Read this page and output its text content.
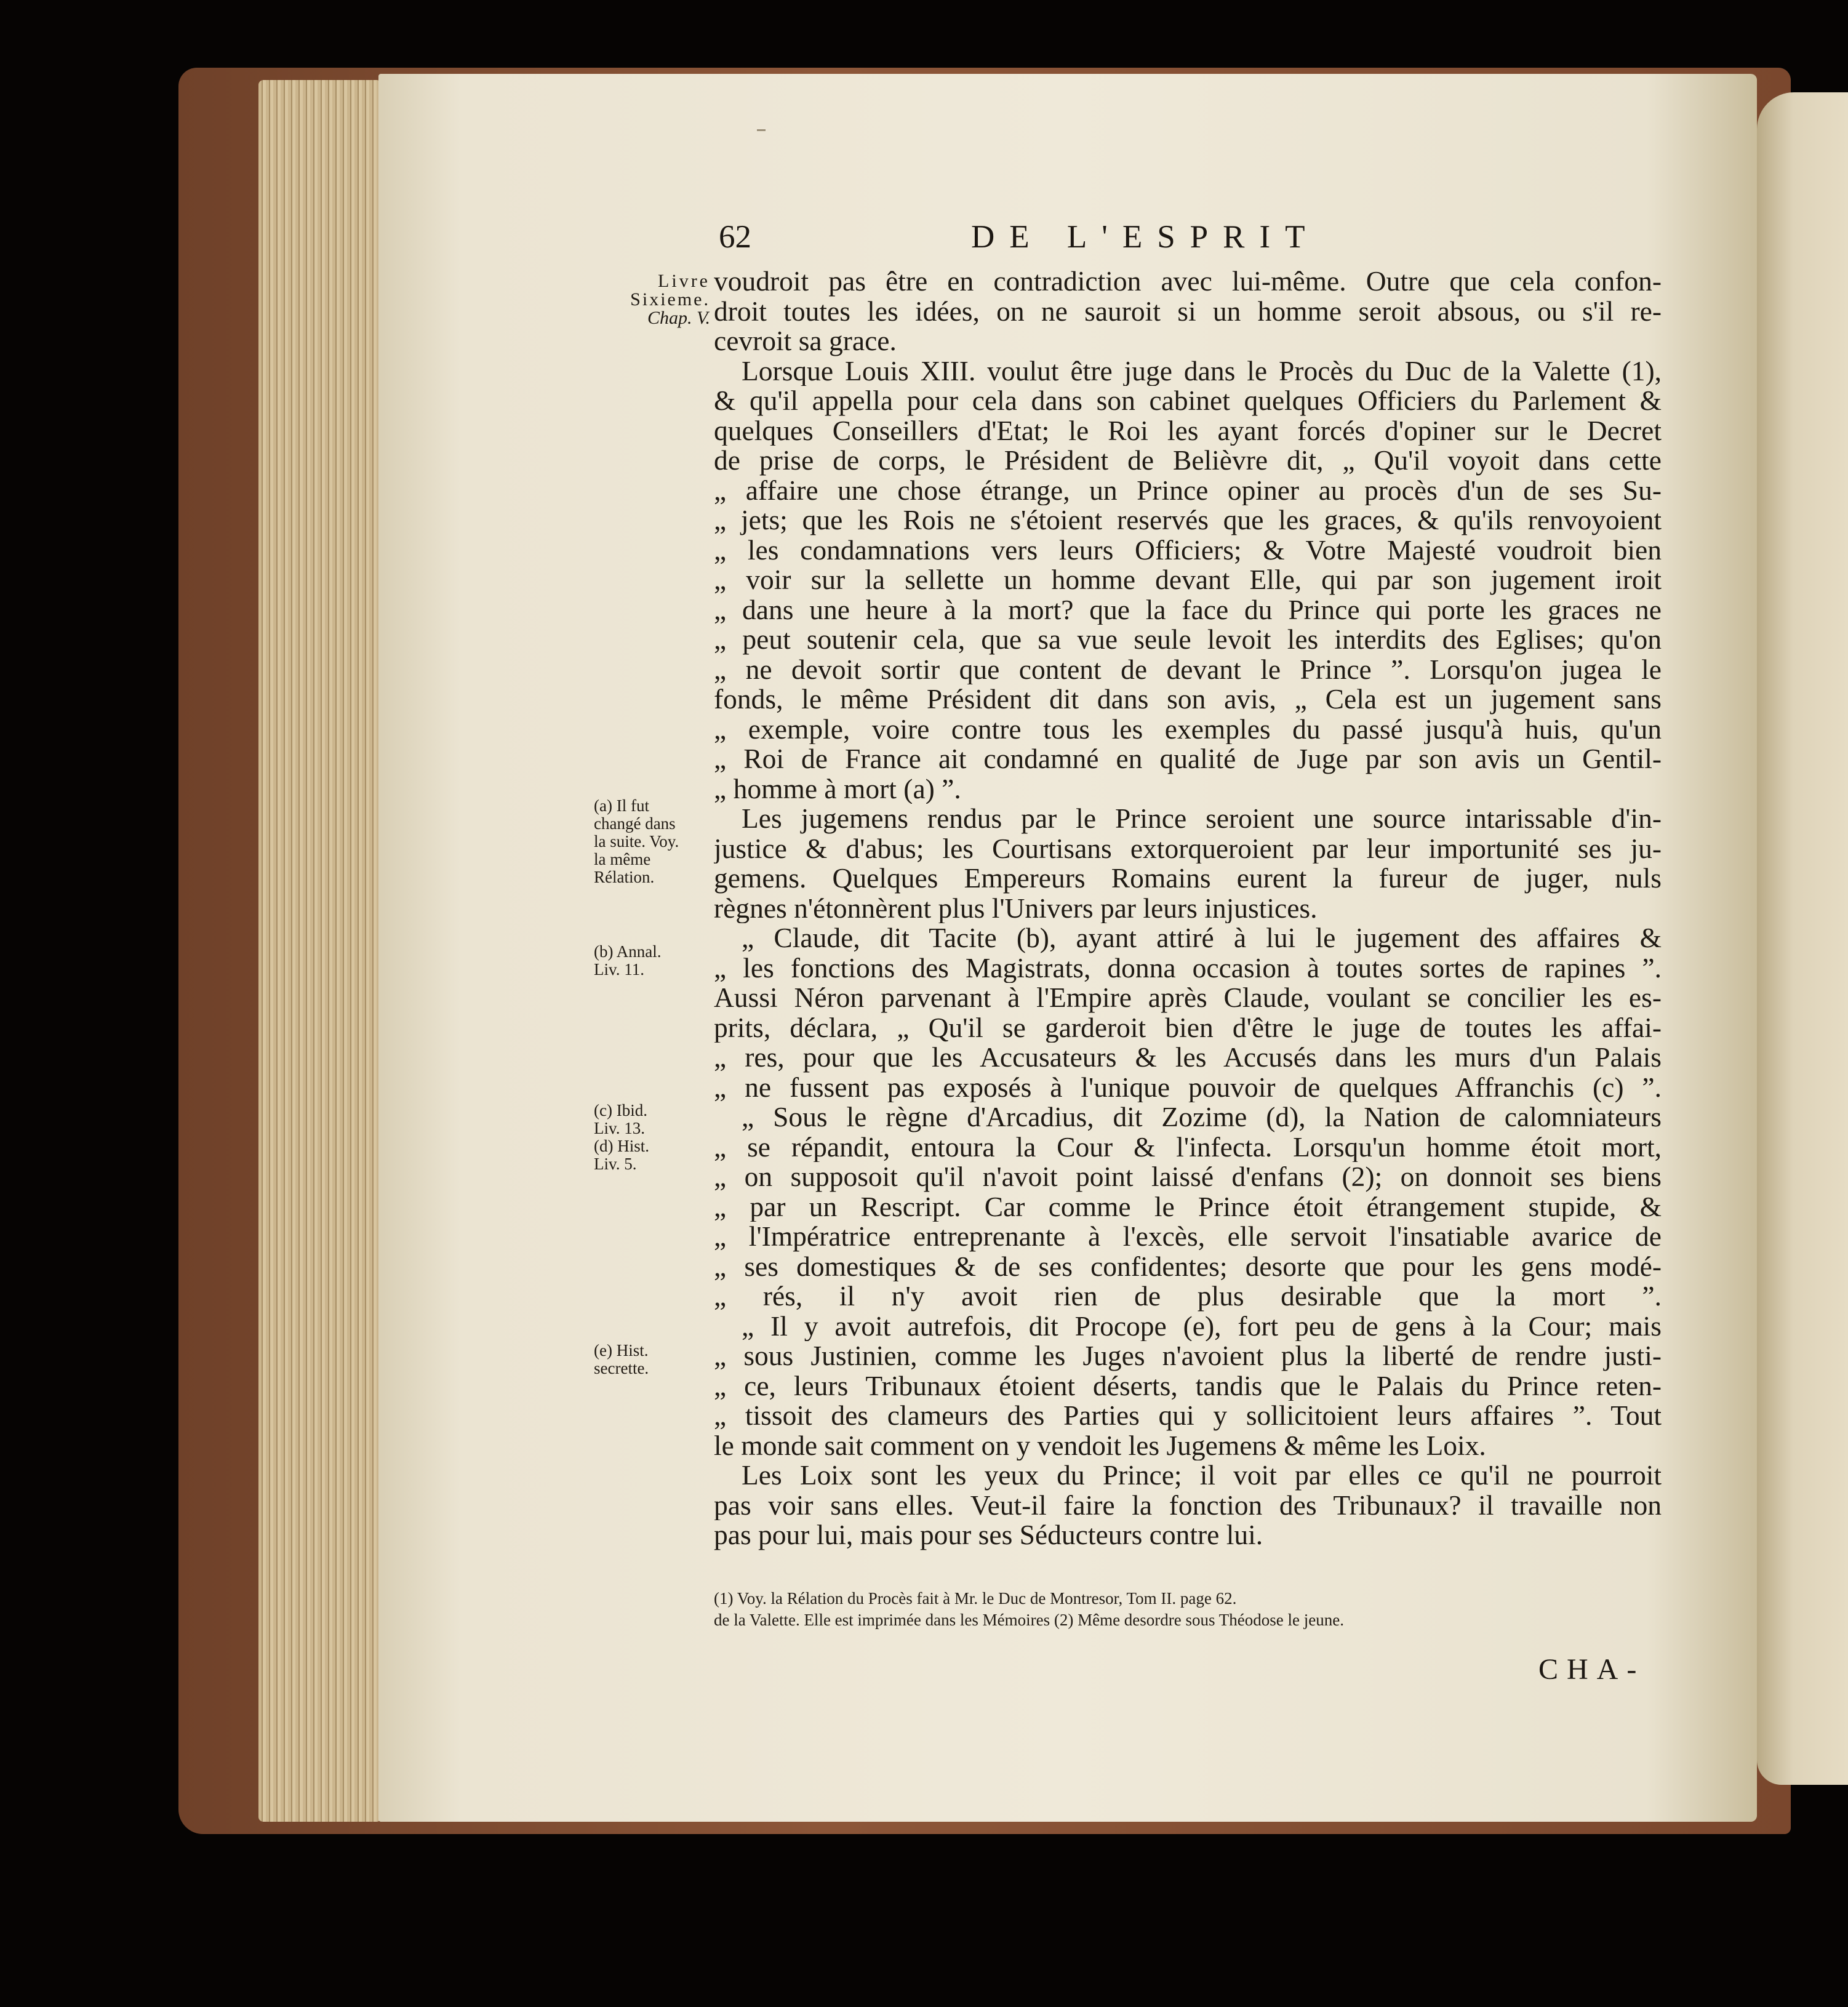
62	DE L'ESPRIT
Livre
Sixieme.
Chap. V.
voudroit pas être en contradiction avec lui-même. Outre que cela confon-
droit toutes les idées, on ne sauroit si un homme seroit absous, ou s'il re-
cevroit sa grace.
Lorsque Louis XIII. voulut être juge dans le Procès du Duc de la Valette (1),
& qu'il appella pour cela dans son cabinet quelques Officiers du Parlement &
quelques Conseillers d'Etat; le Roi les ayant forcés d'opiner sur le Decret
de prise de corps, le Président de Belièvre dit, „ Qu'il voyoit dans cette
„ affaire une chose étrange, un Prince opiner au procès d'un de ses Su-
„ jets; que les Rois ne s'étoient reservés que les graces, & qu'ils renvoyoient
„ les condamnations vers leurs Officiers; & Votre Majesté voudroit bien
„ voir sur la sellette un homme devant Elle, qui par son jugement iroit
„ dans une heure à la mort? que la face du Prince qui porte les graces ne
„ peut soutenir cela, que sa vue seule levoit les interdits des Eglises; qu'on
„ ne devoit sortir que content de devant le Prince ”. Lorsqu'on jugea le
fonds, le même Président dit dans son avis, „ Cela est un jugement sans
„ exemple, voire contre tous les exemples du passé jusqu'à huis, qu'un
„ Roi de France ait condamné en qualité de Juge par son avis un Gentil-
„ homme à mort (a) ”.
Les jugemens rendus par le Prince seroient une source intarissable d'in-
justice & d'abus; les Courtisans extorqueroient par leur importunité ses ju-
gemens. Quelques Empereurs Romains eurent la fureur de juger, nuls
règnes n'étonnèrent plus l'Univers par leurs injustices.
„ Claude, dit Tacite (b), ayant attiré à lui le jugement des affaires &
„ les fonctions des Magistrats, donna occasion à toutes sortes de rapines ”.
Aussi Néron parvenant à l'Empire après Claude, voulant se concilier les es-
prits, déclara, „ Qu'il se garderoit bien d'être le juge de toutes les affai-
„ res, pour que les Accusateurs & les Accusés dans les murs d'un Palais
„ ne fussent pas exposés à l'unique pouvoir de quelques Affranchis (c) ”.
„ Sous le règne d'Arcadius, dit Zozime (d), la Nation de calomniateurs
„ se répandit, entoura la Cour & l'infecta. Lorsqu'un homme étoit mort,
„ on supposoit qu'il n'avoit point laissé d'enfans (2); on donnoit ses biens
„ par un Rescript. Car comme le Prince étoit étrangement stupide, &
„ l'Impératrice entreprenante à l'excès, elle servoit l'insatiable avarice de
„ ses domestiques & de ses confidentes; desorte que pour les gens modé-
„ rés, il n'y avoit rien de plus desirable que la mort ”.
„ Il y avoit autrefois, dit Procope (e), fort peu de gens à la Cour; mais
„ sous Justinien, comme les Juges n'avoient plus la liberté de rendre justi-
„ ce, leurs Tribunaux étoient déserts, tandis que le Palais du Prince reten-
„ tissoit des clameurs des Parties qui y sollicitoient leurs affaires ”. Tout
le monde sait comment on y vendoit les Jugemens & même les Loix.
Les Loix sont les yeux du Prince; il voit par elles ce qu'il ne pourroit
pas voir sans elles. Veut-il faire la fonction des Tribunaux? il travaille non
pas pour lui, mais pour ses Séducteurs contre lui.
(a) Il fut
changé dans
la suite. Voy.
la même
Rélation.
(b) Annal.
Liv. 11.
(c) Ibid.
Liv. 13.
(d) Hist.
Liv. 5.
(e) Hist.
secrette.
(1) Voy. la Rélation du Procès fait à Mr. le Duc de Montresor, Tom II. page 62.
de la Valette. Elle est imprimée dans les Mémoires (2) Même desordre sous Théodose le jeune.
CHA-
